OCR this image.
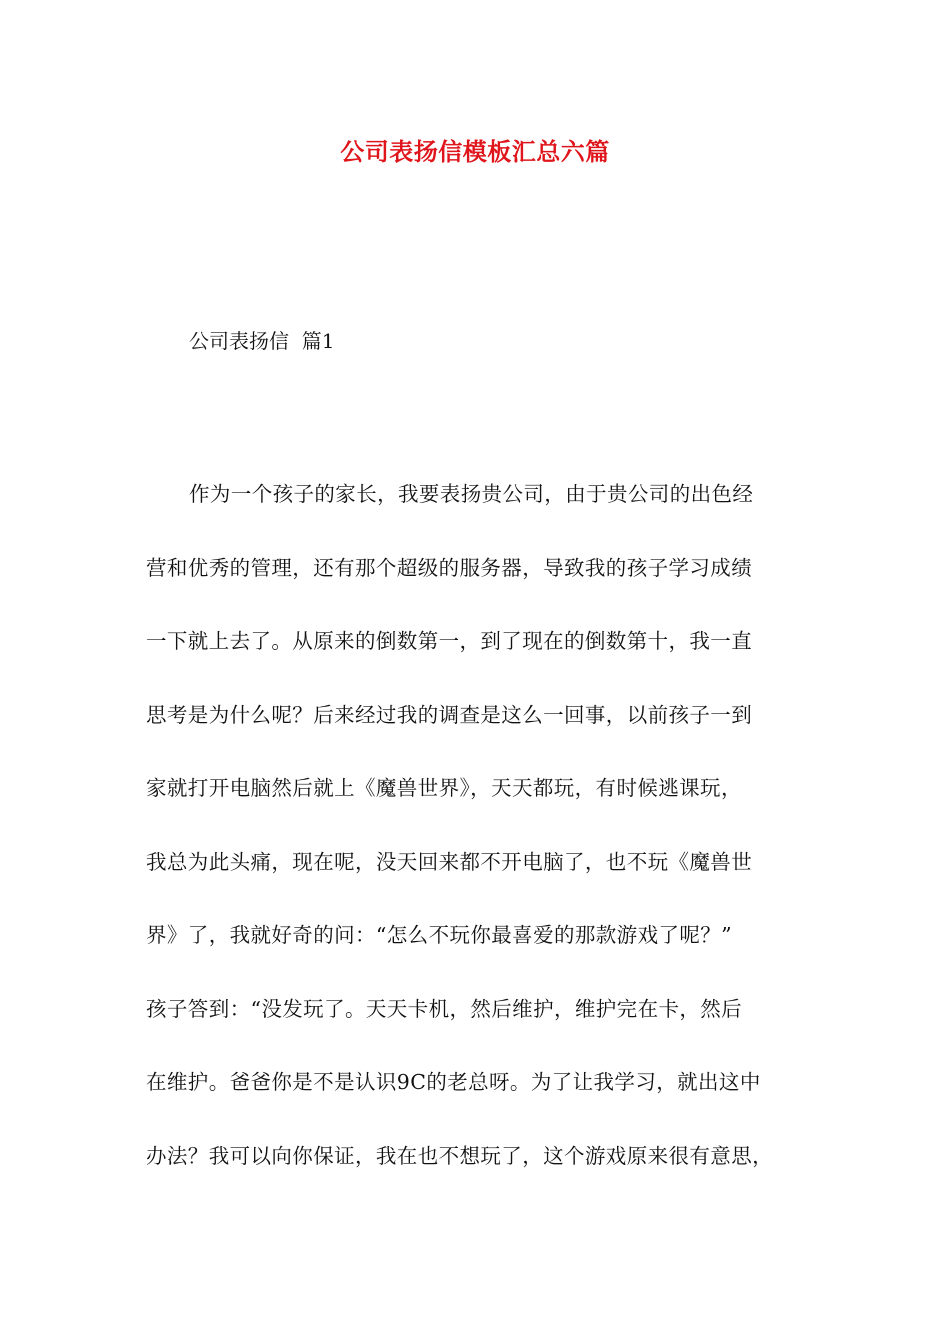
公司表扬信模板汇总六篇
公司表扬信  篇1
作为一个孩子的家长，我要表扬贵公司，由于贵公司的出色经
营和优秀的管理，还有那个超级的服务器，导致我的孩子学习成绩
一下就上去了。从原来的倒数第一，到了现在的倒数第十，我一直
思考是为什么呢？后来经过我的调查是这么一回事，以前孩子一到
家就打开电脑然后就上《魔兽世界》，天天都玩，有时候逃课玩，
我总为此头痛，现在呢，没天回来都不开电脑了，也不玩《魔兽世
界》了，我就好奇的问：“怎么不玩你最喜爱的那款游戏了呢？”
孩子答到：“没发玩了。天天卡机，然后维护，维护完在卡，然后
在维护。爸爸你是不是认识9C的老总呀。为了让我学习，就出这中
办法？我可以向你保证，我在也不想玩了，这个游戏原来很有意思，
